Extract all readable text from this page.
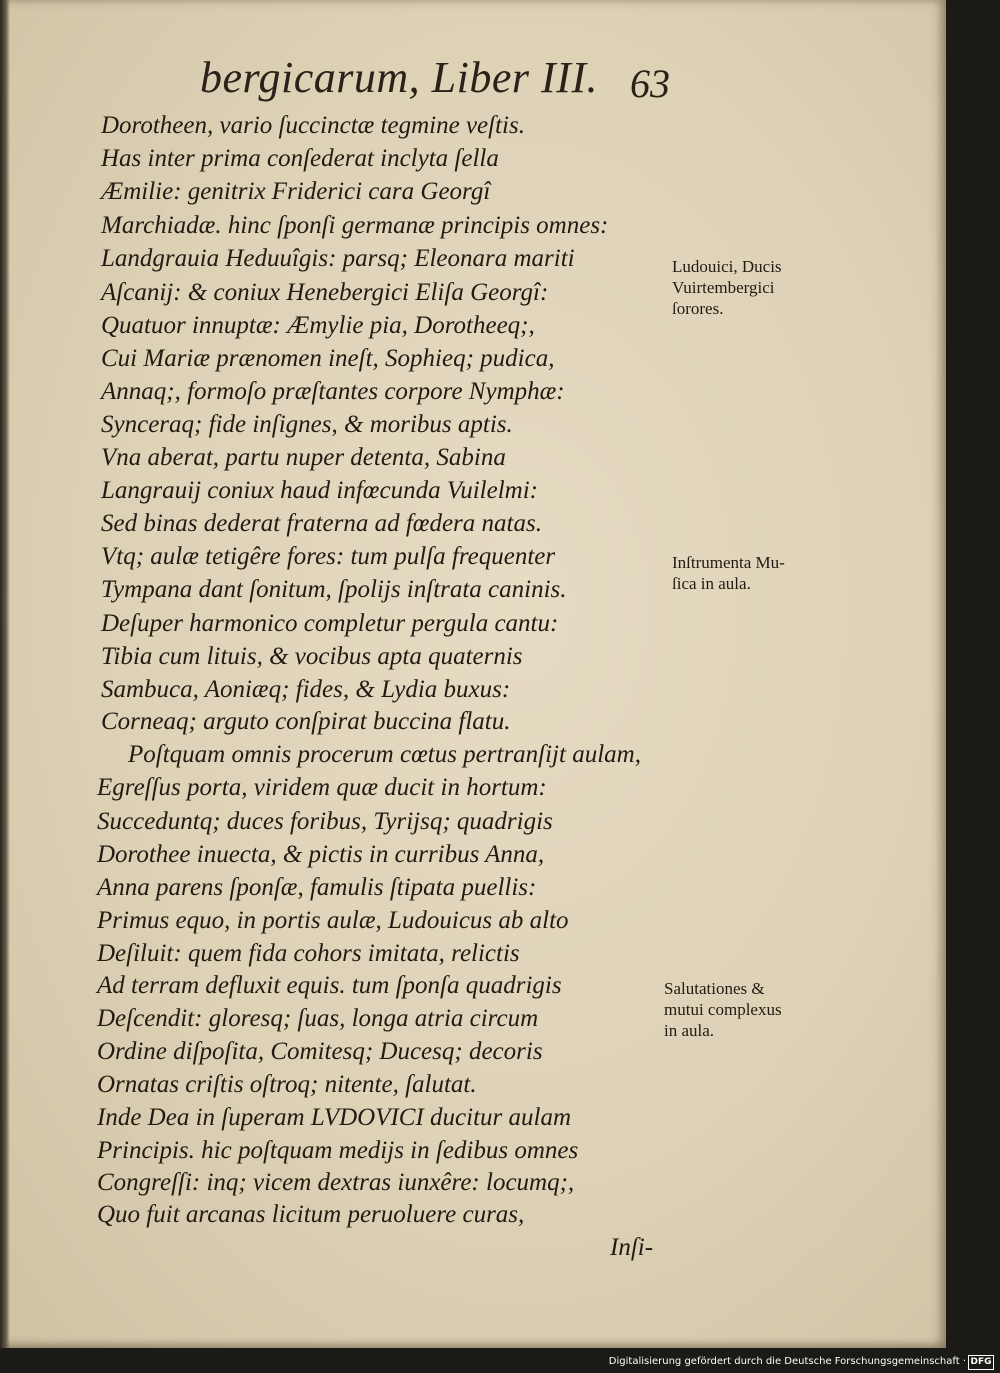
bergicarum, Liber III. 63
Dorotheen, vario ſuccinctæ tegmine veſtis.
Has inter prima conſederat inclyta ſella
Æmilie: genitrix Friderici cara Georgî
Marchiadæ. hinc ſponſi germanæ principis omnes:
Landgrauia Heduuîgis: parsq; Eleonara mariti
Aſcanij: & coniux Henebergici Eliſa Georgî:
Quatuor innuptæ: Æmylie pia, Dorotheeq;,
Cui Mariæ prænomen ineſt, Sophieq; pudica,
Annaq;, formoſo præſtantes corpore Nymphæ:
Synceraq; fide inſignes, & moribus aptis.
Vna aberat, partu nuper detenta, Sabina
Langrauij coniux haud infœcunda Vuilelmi:
Sed binas dederat fraterna ad fœdera natas.
Vtq; aulæ tetigêre fores: tum pulſa frequenter
Tympana dant ſonitum, ſpolijs inſtrata caninis.
Deſuper harmonico completur pergula cantu:
Tibia cum lituis, & vocibus apta quaternis
Sambuca, Aoniæq; fides, & Lydia buxus:
Corneaq; arguto conſpirat buccina flatu.
Poſtquam omnis procerum cœtus pertranſijt aulam,
Egreſſus porta, viridem quæ ducit in hortum:
Succeduntq; duces foribus, Tyrijsq; quadrigis
Dorothee inuecta, & pictis in curribus Anna,
Anna parens ſponſæ, famulis ſtipata puellis:
Primus equo, in portis aulæ, Ludouicus ab alto
Deſiluit: quem fida cohors imitata, relictis
Ad terram defluxit equis. tum ſponſa quadrigis
Deſcendit: gloresq; ſuas, longa atria circum
Ordine diſpoſita, Comitesq; Ducesq; decoris
Ornatas criſtis oſtroq; nitente, ſalutat.
Inde Dea in ſuperam LVDOVICI ducitur aulam
Principis. hic poſtquam medijs in ſedibus omnes
Congreſſi: inq; vicem dextras iunxêre: locumq;,
Quo fuit arcanas licitum peruoluere curas,
Ludouici, Ducis
Vuirtembergici
ſorores.
Inſtrumenta Mu-
ſica in aula.
Salutationes &
mutui complexus
in aula.
Inſi-
Digitalisierung gefördert durch die Deutsche Forschungsgemeinschaft · DFG
